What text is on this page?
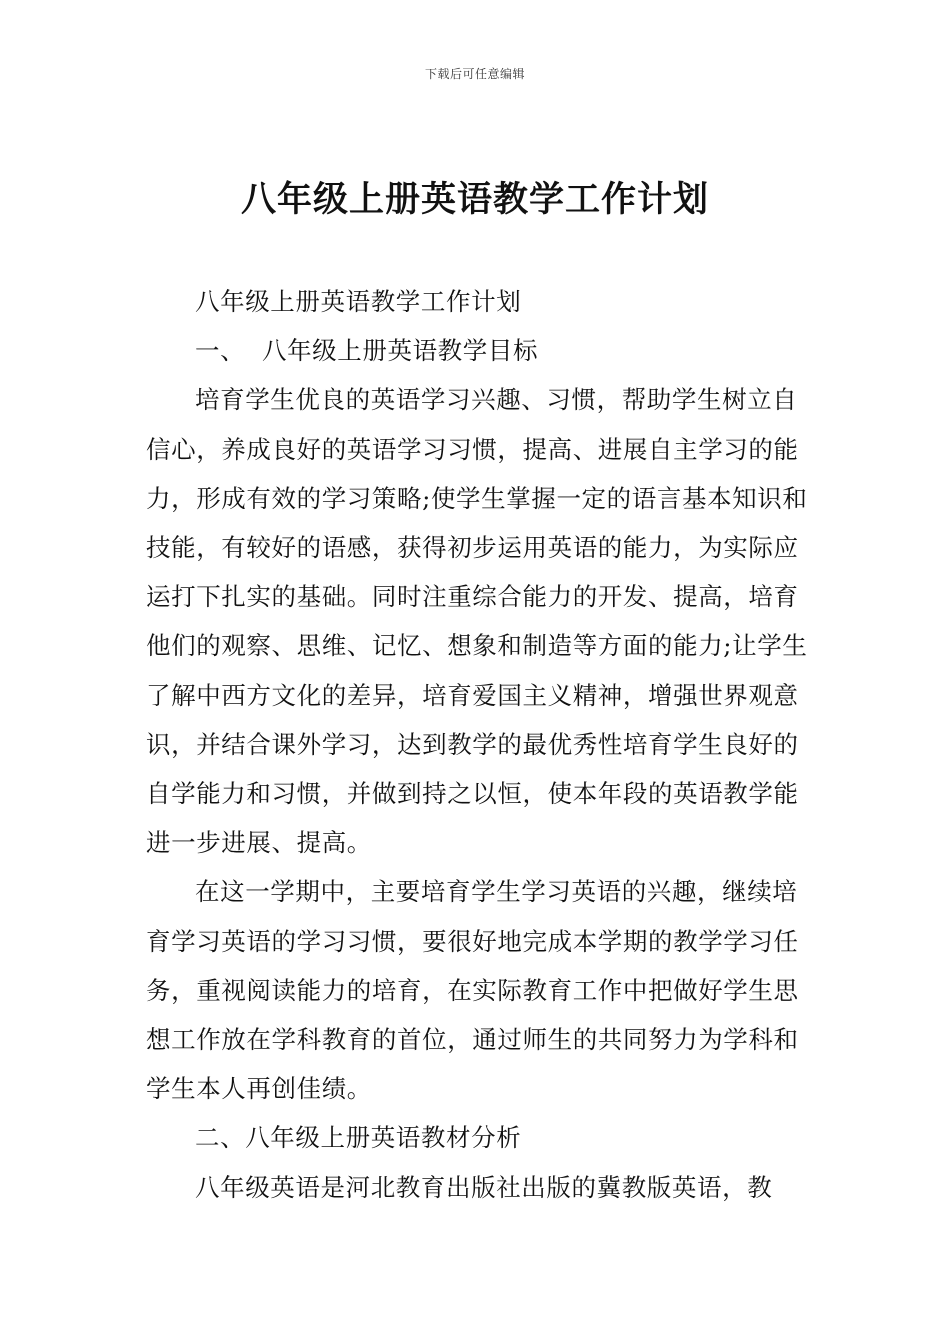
下载后可任意编辑
八年级上册英语教学工作计划

八年级上册英语教学工作计划

一、  八年级上册英语教学目标

培育学生优良的英语学习兴趣、习惯，帮助学生树立自信心，养成良好的英语学习习惯，提高、进展自主学习的能力，形成有效的学习策略;使学生掌握一定的语言基本知识和技能，有较好的语感，获得初步运用英语的能力，为实际应运打下扎实的基础。同时注重综合能力的开发、提高，培育他们的观察、思维、记忆、想象和制造等方面的能力;让学生了解中西方文化的差异，培育爱国主义精神，增强世界观意识，并结合课外学习，达到教学的最优秀性培育学生良好的自学能力和习惯，并做到持之以恒，使本年段的英语教学能进一步进展、提高。

在这一学期中，主要培育学生学习英语的兴趣，继续培育学习英语的学习习惯，要很好地完成本学期的教学学习任务，重视阅读能力的培育，在实际教育工作中把做好学生思想工作放在学科教育的首位，通过师生的共同努力为学科和学生本人再创佳绩。

二、八年级上册英语教材分析

八年级英语是河北教育出版社出版的冀教版英语，教
